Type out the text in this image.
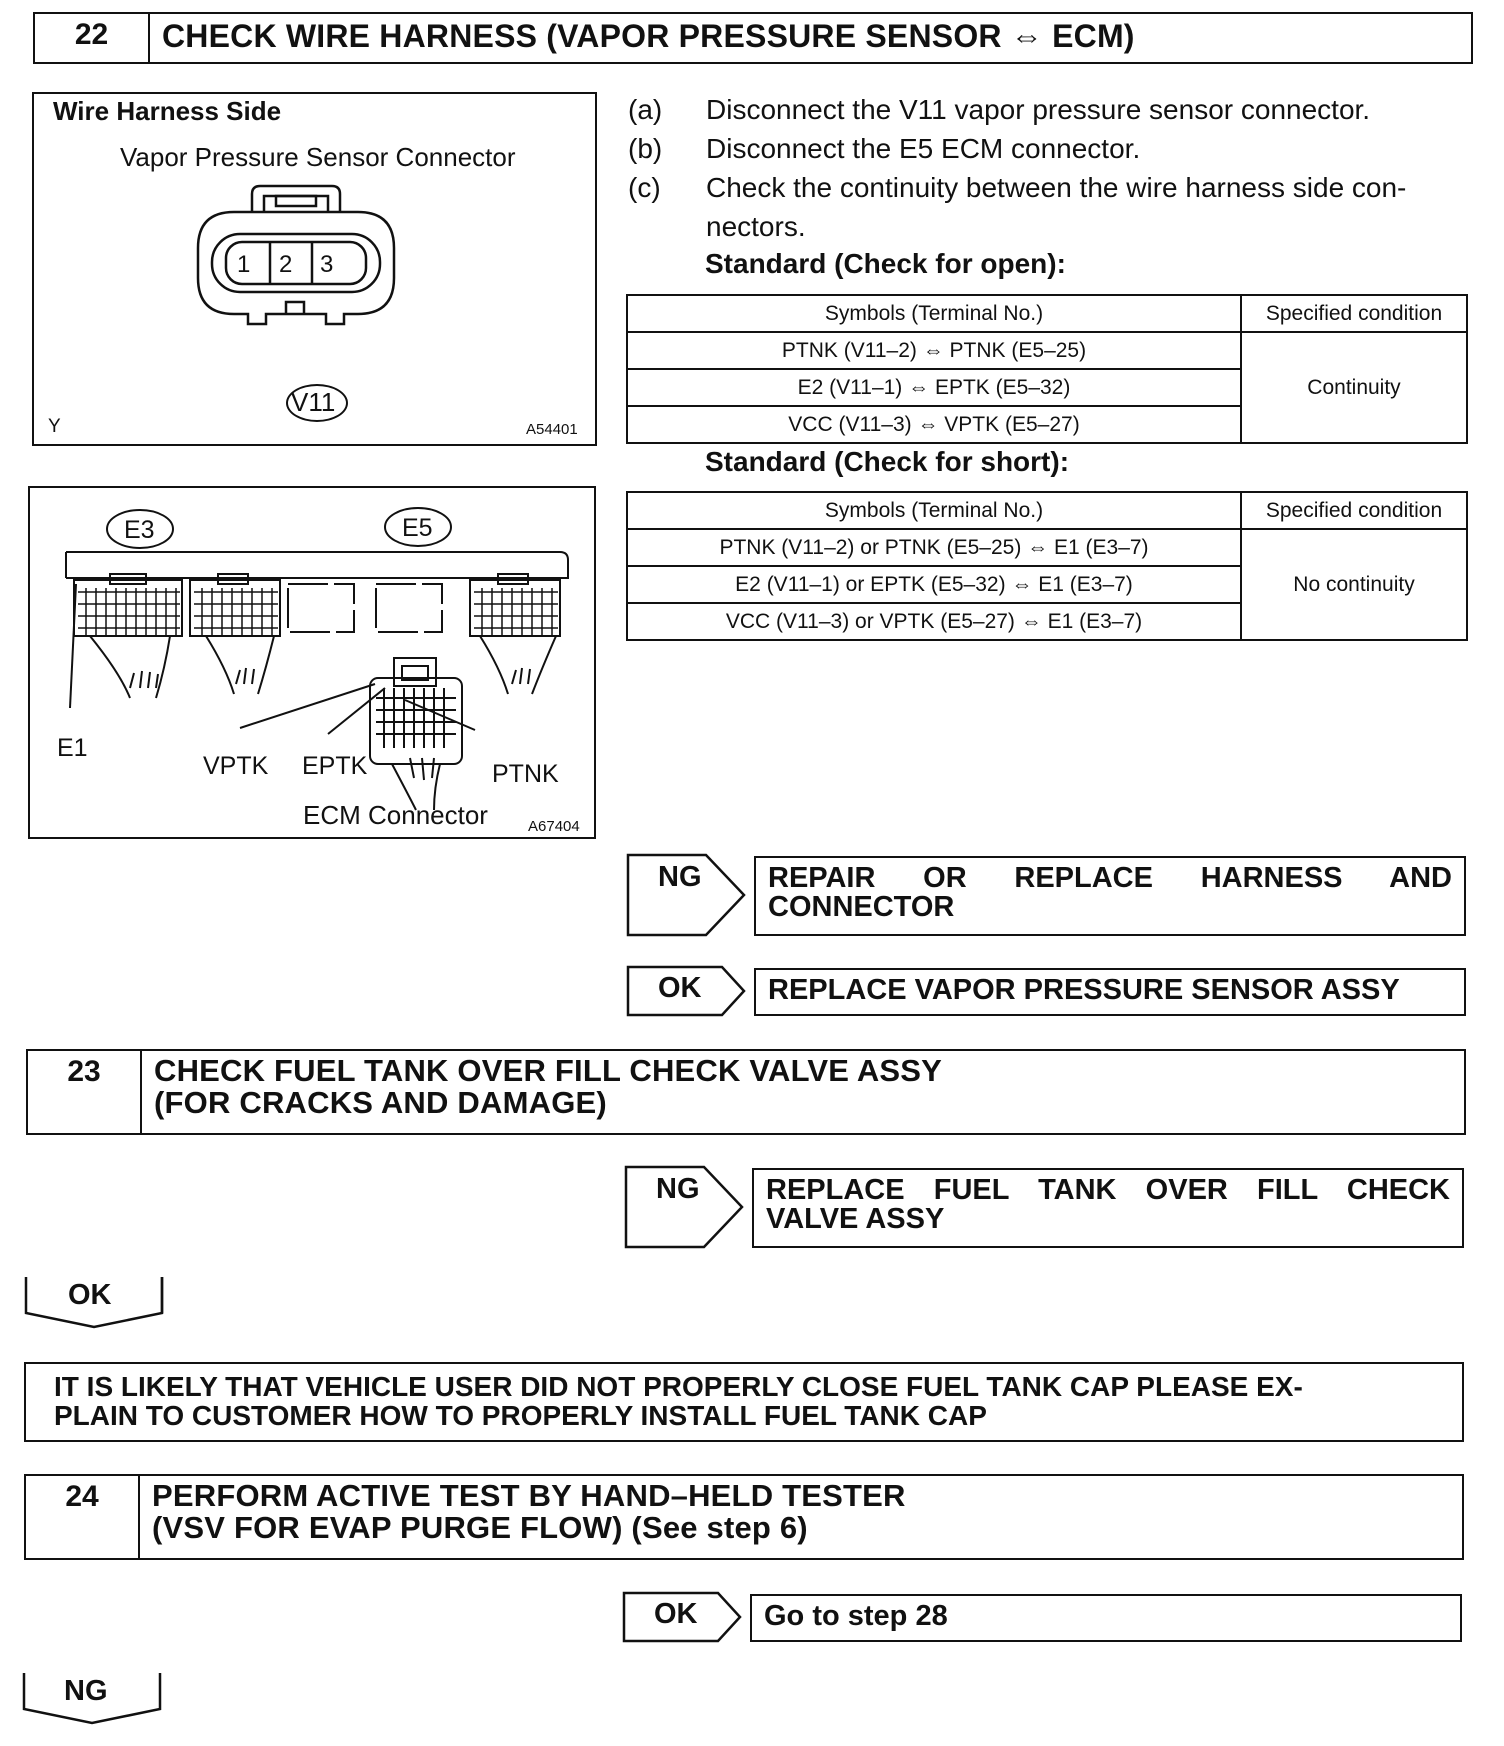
22	CHECK WIRE HARNESS (VAPOR PRESSURE SENSOR ⇔ ECM)
Wire Harness Side
Vapor Pressure Sensor Connector
1 2 3
V11
Y	A54401
E3	E5
E1
VPTK EPTK	PTNK
ECM Connector	A67404
(a)	Disconnect the V11 vapor pressure sensor connector.
(b)	Disconnect the E5 ECM connector.
(c)	Check the continuity between the wire harness side con-
nectors.
Standard (Check for open):
Symbols (Terminal No.)	Specified condition
PTNK (V11–2) ⇔ PTNK (E5–25)	Continuity
E2 (V11–1) ⇔ EPTK (E5–32)	
VCC (V11–3) ⇔ VPTK (E5–27)	
Standard (Check for short):
Symbols (Terminal No.)	Specified condition
PTNK (V11–2) or PTNK (E5–25) ⇔ E1 (E3–7)	No continuity
E2 (V11–1) or EPTK (E5–32) ⇔ E1 (E3–7)	
VCC (V11–3) or VPTK (E5–27) ⇔ E1 (E3–7)	
NG REPAIR OR REPLACE HARNESS AND
CONNECTOR
OK	REPLACE VAPOR PRESSURE SENSOR ASSY
23	CHECK FUEL TANK OVER FILL CHECK VALVE ASSY
(FOR CRACKS AND DAMAGE)
NG REPLACE FUEL TANK OVER FILL CHECK
VALVE ASSY
OK
IT IS LIKELY THAT VEHICLE USER DID NOT PROPERLY CLOSE FUEL TANK CAP PLEASE EX-
PLAIN TO CUSTOMER HOW TO PROPERLY INSTALL FUEL TANK CAP
24	PERFORM ACTIVE TEST BY HAND–HELD TESTER
(VSV FOR EVAP PURGE FLOW) (See step 6)
OK	Go to step 28
NG
